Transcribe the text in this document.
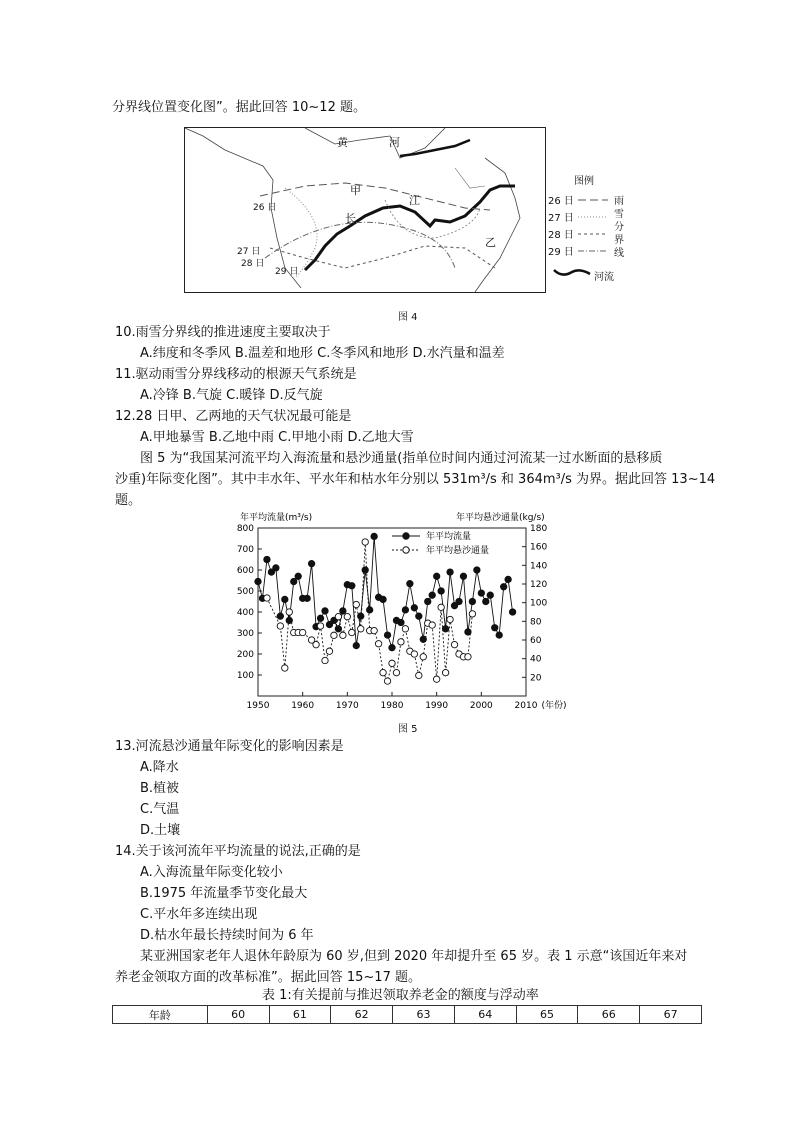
分界线位置变化图”。据此回答 10~12 题。
黄	河
甲
江
长
乙
26 日
27 日
28 日
29 日
图例
26 日
27 日
28 日
29 日
雨
雪
分
界
线
河流
图 4
10.雨雪分界线的推进速度主要取决于
A.纬度和冬季风 B.温差和地形 C.冬季风和地形 D.水汽量和温差
11.驱动雨雪分界线移动的根源天气系统是
A.冷锋 B.气旋 C.暖锋 D.反气旋
12.28 日甲、乙两地的天气状况最可能是
A.甲地暴雪 B.乙地中雨 C.甲地小雨 D.乙地大雪
图 5 为“我国某河流平均入海流量和悬沙通量(指单位时间内通过河流某一过水断面的悬移质
沙重)年际变化图”。其中丰水年、平水年和枯水年分别以 531m³/s 和 364m³/s 为界。据此回答 13~14
题。
100
200
300
400
500
600
700
800
20
40
60
80
100
120
140
160
180
1950 1960 1970 1980 1990 2000 2010 (年份)
年平均流量(m³/s)	年平均悬沙通量(kg/s)
年平均流量
年平均悬沙通量
图 5
13.河流悬沙通量年际变化的影响因素是
A.降水
B.植被
C.气温
D.土壤
14.关于该河流年平均流量的说法,正确的是
A.入海流量年际变化较小
B.1975 年流量季节变化最大
C.平水年多连续出现
D.枯水年最长持续时间为 6 年
某亚洲国家老年人退休年龄原为 60 岁,但到 2020 年却提升至 65 岁。表 1 示意“该国近年来对
养老金领取方面的改革标准”。据此回答 15~17 题。
表 1:有关提前与推迟领取养老金的额度与浮动率
年龄	60	61	62	63	64	65	66	67
